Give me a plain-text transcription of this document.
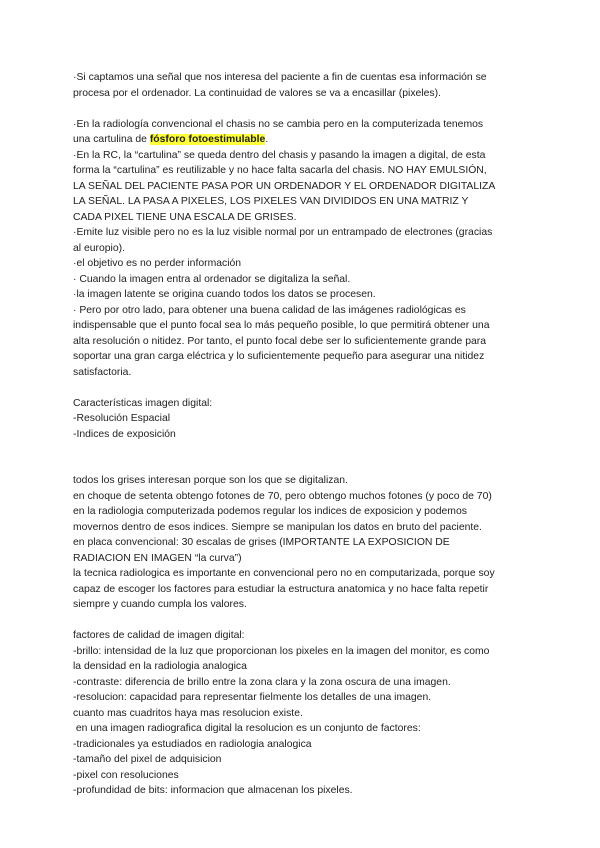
·Si captamos una señal que nos interesa del paciente a fin de cuentas esa información se
procesa por el ordenador. La continuidad de valores se va a encasillar (pixeles).
·En la radiología convencional el chasis no se cambia pero en la computerizada tenemos
una cartulina de fósforo fotoestimulable.
·En la RC, la “cartulina” se queda dentro del chasis y pasando la imagen a digital, de esta
forma la “cartulina” es reutilizable y no hace falta sacarla del chasis. NO HAY EMULSIÓN,
LA SEÑAL DEL PACIENTE PASA POR UN ORDENADOR Y EL ORDENADOR DIGITALIZA
LA SEÑAL. LA PASA A PIXELES, LOS PIXELES VAN DIVIDIDOS EN UNA MATRIZ Y
CADA PIXEL TIENE UNA ESCALA DE GRISES.
·Emite luz visible pero no es la luz visible normal por un entrampado de electrones (gracias
al europio).
·el objetivo es no perder información
· Cuando la imagen entra al ordenador se digitaliza la señal.
·la imagen latente se origina cuando todos los datos se procesen.
· Pero por otro lado, para obtener una buena calidad de las imágenes radiológicas es
indispensable que el punto focal sea lo más pequeño posible, lo que permitirá obtener una
alta resolución o nitidez. Por tanto, el punto focal debe ser lo suficientemente grande para
soportar una gran carga eléctrica y lo suficientemente pequeño para asegurar una nitidez
satisfactoria.
Características imagen digital:
-Resolución Espacial
-Indices de exposición
todos los grises interesan porque son los que se digitalizan.
en choque de setenta obtengo fotones de 70, pero obtengo muchos fotones (y poco de 70)
en la radiologia computerizada podemos regular los indices de exposicion y podemos
movernos dentro de esos indices. Siempre se manipulan los datos en bruto del paciente.
en placa convencional: 30 escalas de grises (IMPORTANTE LA EXPOSICION DE
RADIACION EN IMAGEN “la curva”)
la tecnica radiologica es importante en convencional pero no en computarizada, porque soy
capaz de escoger los factores para estudiar la estructura anatomica y no hace falta repetir
siempre y cuando cumpla los valores.
factores de calidad de imagen digital:
-brillo: intensidad de la luz que proporcionan los pixeles en la imagen del monitor, es como
la densidad en la radiologia analogica
-contraste: diferencia de brillo entre la zona clara y la zona oscura de una imagen.
-resolucion: capacidad para representar fielmente los detalles de una imagen.
cuanto mas cuadritos haya mas resolucion existe.
en una imagen radiografica digital la resolucion es un conjunto de factores:
-tradicionales ya estudiados en radiologia analogica
-tamaño del pixel de adquisicion
-pixel con resoluciones
-profundidad de bits: informacion que almacenan los pixeles.
